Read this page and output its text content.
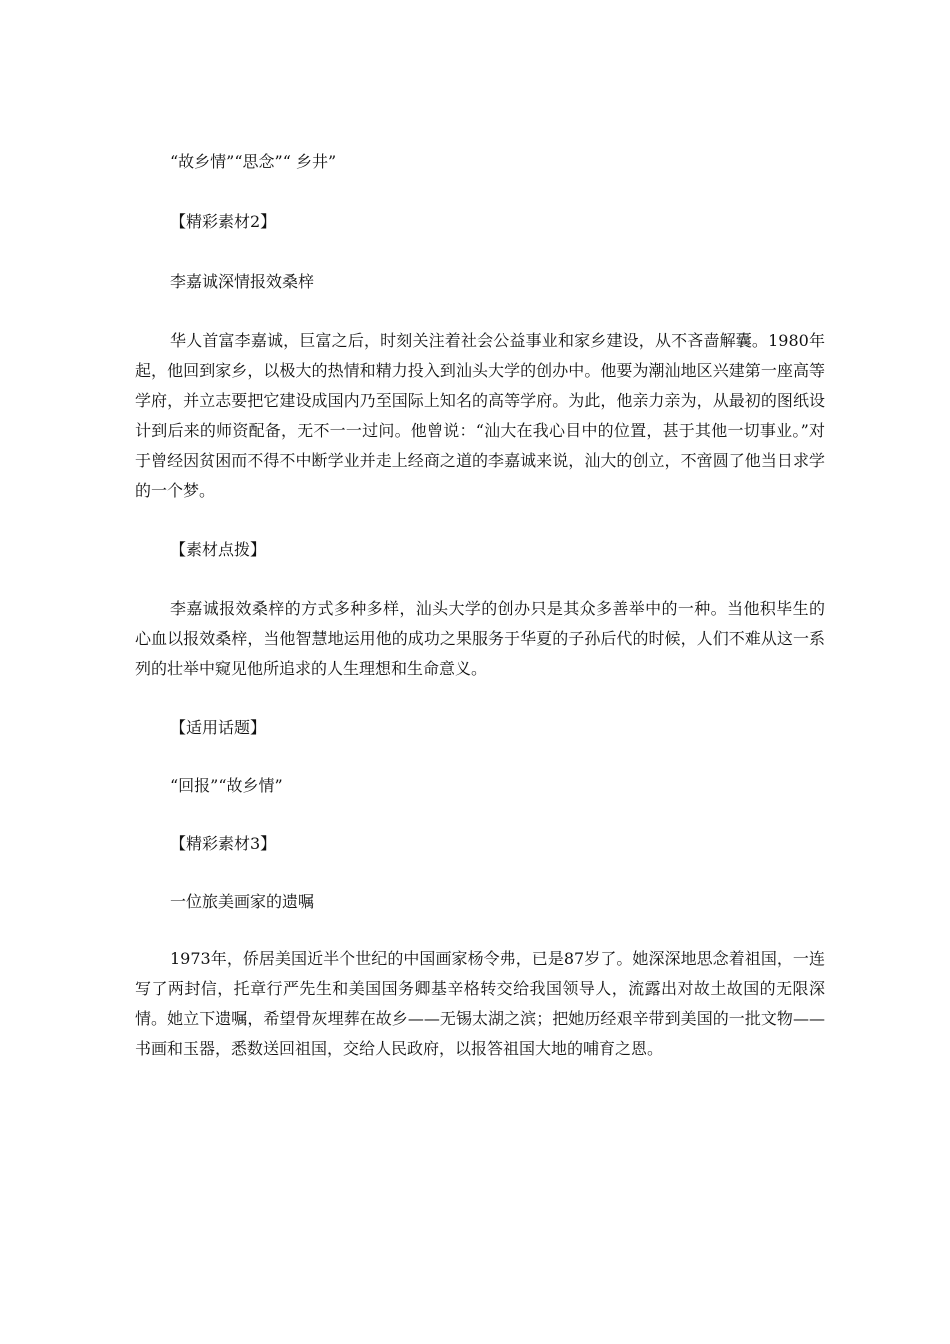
“故乡情”“思念”“ 乡井”

【精彩素材2】

李嘉诚深情报效桑梓

华人首富李嘉诚，巨富之后，时刻关注着社会公益事业和家乡建设，从不吝啬解囊。1980年起，他回到家乡，以极大的热情和精力投入到汕头大学的创办中。他要为潮汕地区兴建第一座高等学府，并立志要把它建设成国内乃至国际上知名的高等学府。为此，他亲力亲为，从最初的图纸设计到后来的师资配备，无不一一过问。他曾说：“汕大在我心目中的位置，甚于其他一切事业。”对于曾经因贫困而不得不中断学业并走上经商之道的李嘉诚来说，汕大的创立，不啻圆了他当日求学的一个梦。

【素材点拨】

李嘉诚报效桑梓的方式多种多样，汕头大学的创办只是其众多善举中的一种。当他积毕生的心血以报效桑梓，当他智慧地运用他的成功之果服务于华夏的子孙后代的时候，人们不难从这一系列的壮举中窥见他所追求的人生理想和生命意义。

【适用话题】

“回报”“故乡情”

【精彩素材3】

一位旅美画家的遗嘱

1973年，侨居美国近半个世纪的中国画家杨令弗，已是87岁了。她深深地思念着祖国，一连写了两封信，托章行严先生和美国国务卿基辛格转交给我国领导人，流露出对故土故国的无限深情。她立下遗嘱，希望骨灰埋葬在故乡——无锡太湖之滨；把她历经艰辛带到美国的一批文物——书画和玉器，悉数送回祖国，交给人民政府，以报答祖国大地的哺育之恩。
